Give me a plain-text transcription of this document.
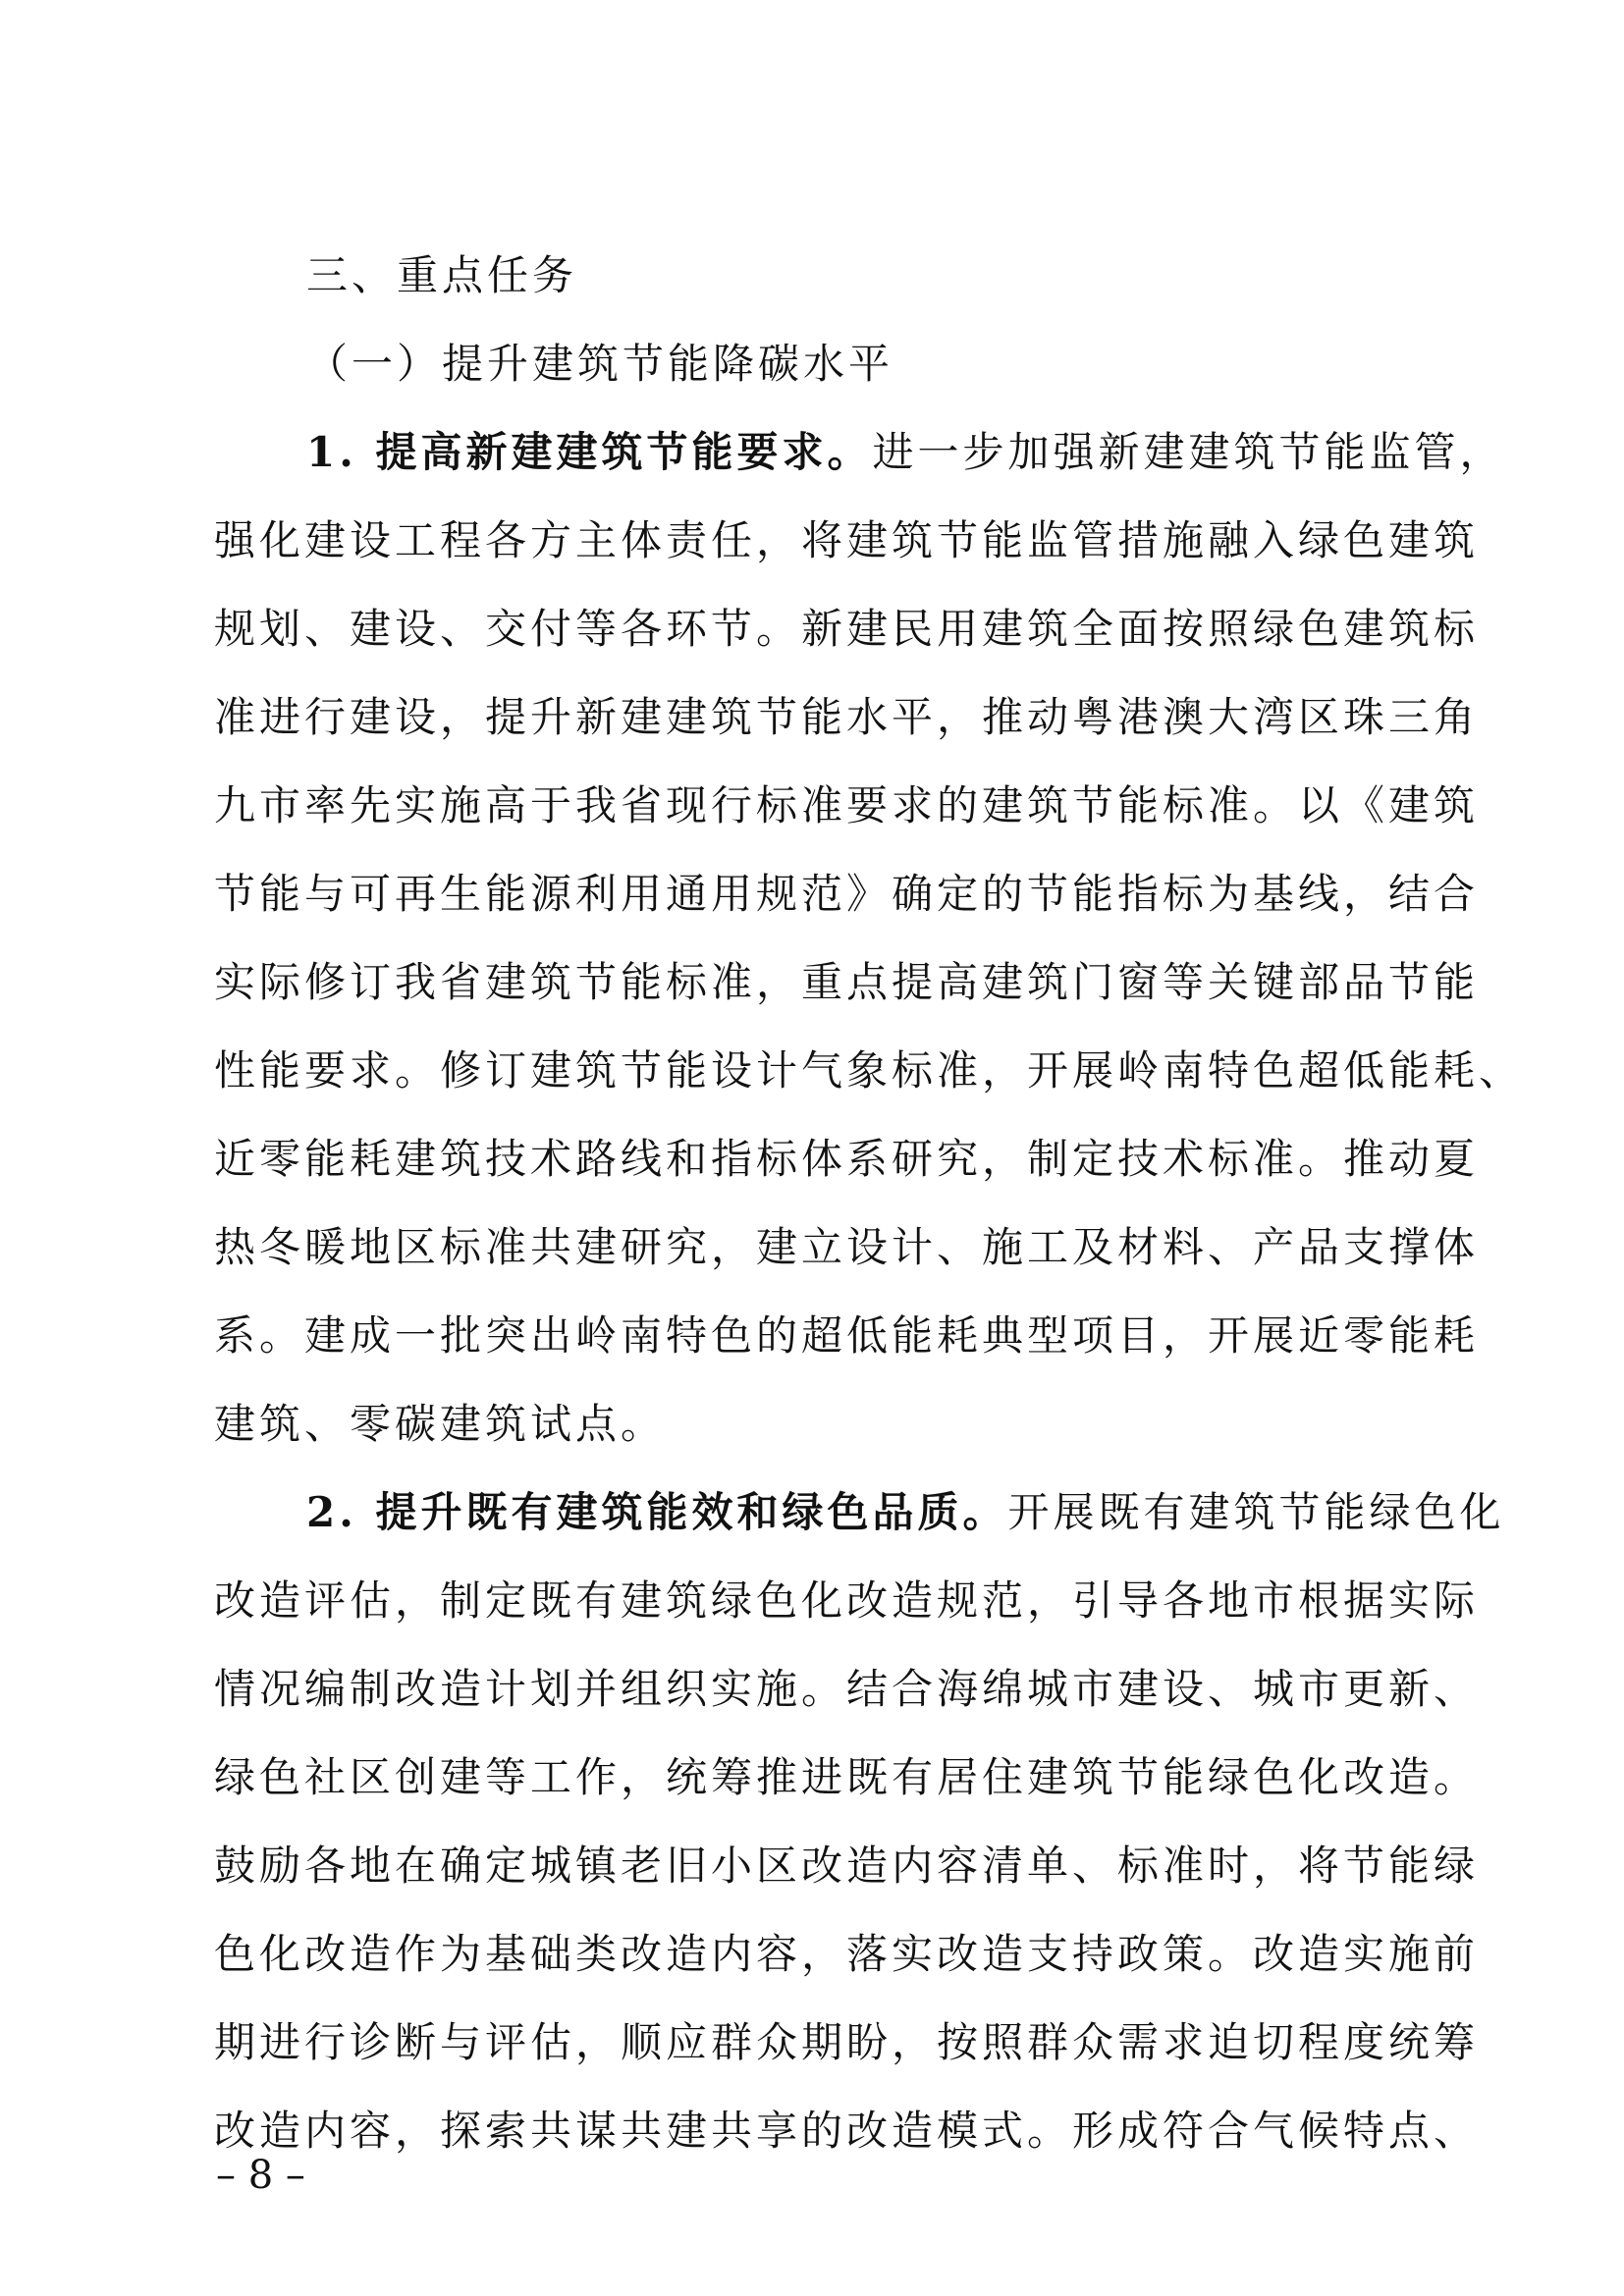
三、重点任务
（一）提升建筑节能降碳水平
1. 提高新建建筑节能要求。进一步加强新建建筑节能监管，
强化建设工程各方主体责任，将建筑节能监管措施融入绿色建筑
规划、建设、交付等各环节。新建民用建筑全面按照绿色建筑标
准进行建设，提升新建建筑节能水平，推动粤港澳大湾区珠三角
九市率先实施高于我省现行标准要求的建筑节能标准。以《建筑
节能与可再生能源利用通用规范》确定的节能指标为基线，结合
实际修订我省建筑节能标准，重点提高建筑门窗等关键部品节能
性能要求。修订建筑节能设计气象标准，开展岭南特色超低能耗、
近零能耗建筑技术路线和指标体系研究，制定技术标准。推动夏
热冬暖地区标准共建研究，建立设计、施工及材料、产品支撑体
系。建成一批突出岭南特色的超低能耗典型项目，开展近零能耗
建筑、零碳建筑试点。
2. 提升既有建筑能效和绿色品质。开展既有建筑节能绿色化
改造评估，制定既有建筑绿色化改造规范，引导各地市根据实际
情况编制改造计划并组织实施。结合海绵城市建设、城市更新、
绿色社区创建等工作，统筹推进既有居住建筑节能绿色化改造。
鼓励各地在确定城镇老旧小区改造内容清单、标准时，将节能绿
色化改造作为基础类改造内容，落实改造支持政策。改造实施前
期进行诊断与评估，顺应群众期盼，按照群众需求迫切程度统筹
改造内容，探索共谋共建共享的改造模式。形成符合气候特点、
– 8 –
